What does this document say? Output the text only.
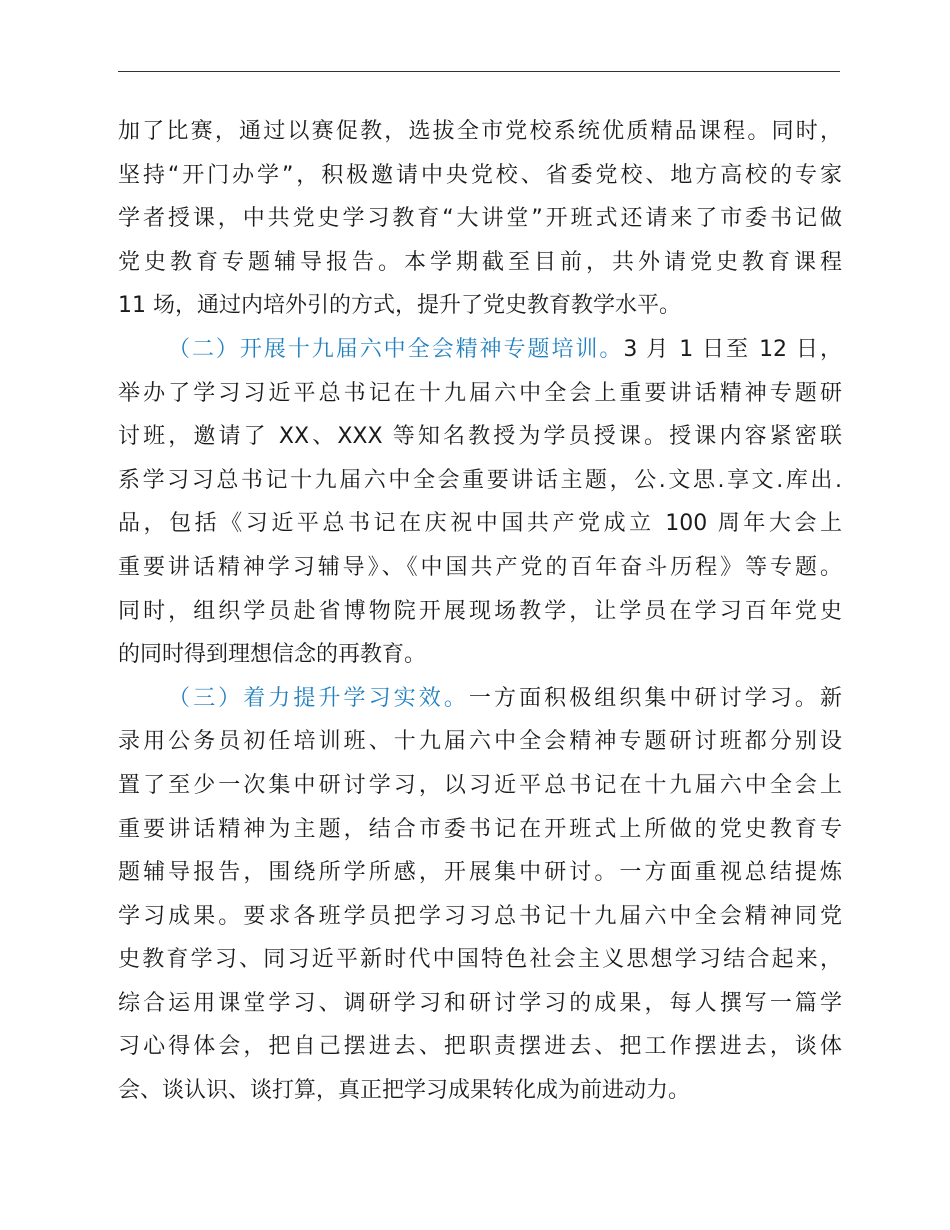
加了比赛，通过以赛促教，选拔全市党校系统优质精品课程。同时，
坚持“开门办学”，积极邀请中央党校、省委党校、地方高校的专家
学者授课，中共党史学习教育“大讲堂”开班式还请来了市委书记做
党史教育专题辅导报告。本学期截至目前，共外请党史教育课程
11 场，通过内培外引的方式，提升了党史教育教学水平。
（二）开展十九届六中全会精神专题培训。3 月 1 日至 12 日，
举办了学习习近平总书记在十九届六中全会上重要讲话精神专题研
讨班，邀请了 XX、XXX 等知名教授为学员授课。授课内容紧密联
系学习习总书记十九届六中全会重要讲话主题，公.文思.享文.库出.
品，包括《习近平总书记在庆祝中国共产党成立 100 周年大会上
重要讲话精神学习辅导》、《中国共产党的百年奋斗历程》等专题。
同时，组织学员赴省博物院开展现场教学，让学员在学习百年党史
的同时得到理想信念的再教育。
（三）着力提升学习实效。一方面积极组织集中研讨学习。新
录用公务员初任培训班、十九届六中全会精神专题研讨班都分别设
置了至少一次集中研讨学习，以习近平总书记在十九届六中全会上
重要讲话精神为主题，结合市委书记在开班式上所做的党史教育专
题辅导报告，围绕所学所感，开展集中研讨。一方面重视总结提炼
学习成果。要求各班学员把学习习总书记十九届六中全会精神同党
史教育学习、同习近平新时代中国特色社会主义思想学习结合起来，
综合运用课堂学习、调研学习和研讨学习的成果，每人撰写一篇学
习心得体会，把自己摆进去、把职责摆进去、把工作摆进去，谈体
会、谈认识、谈打算，真正把学习成果转化成为前进动力。
